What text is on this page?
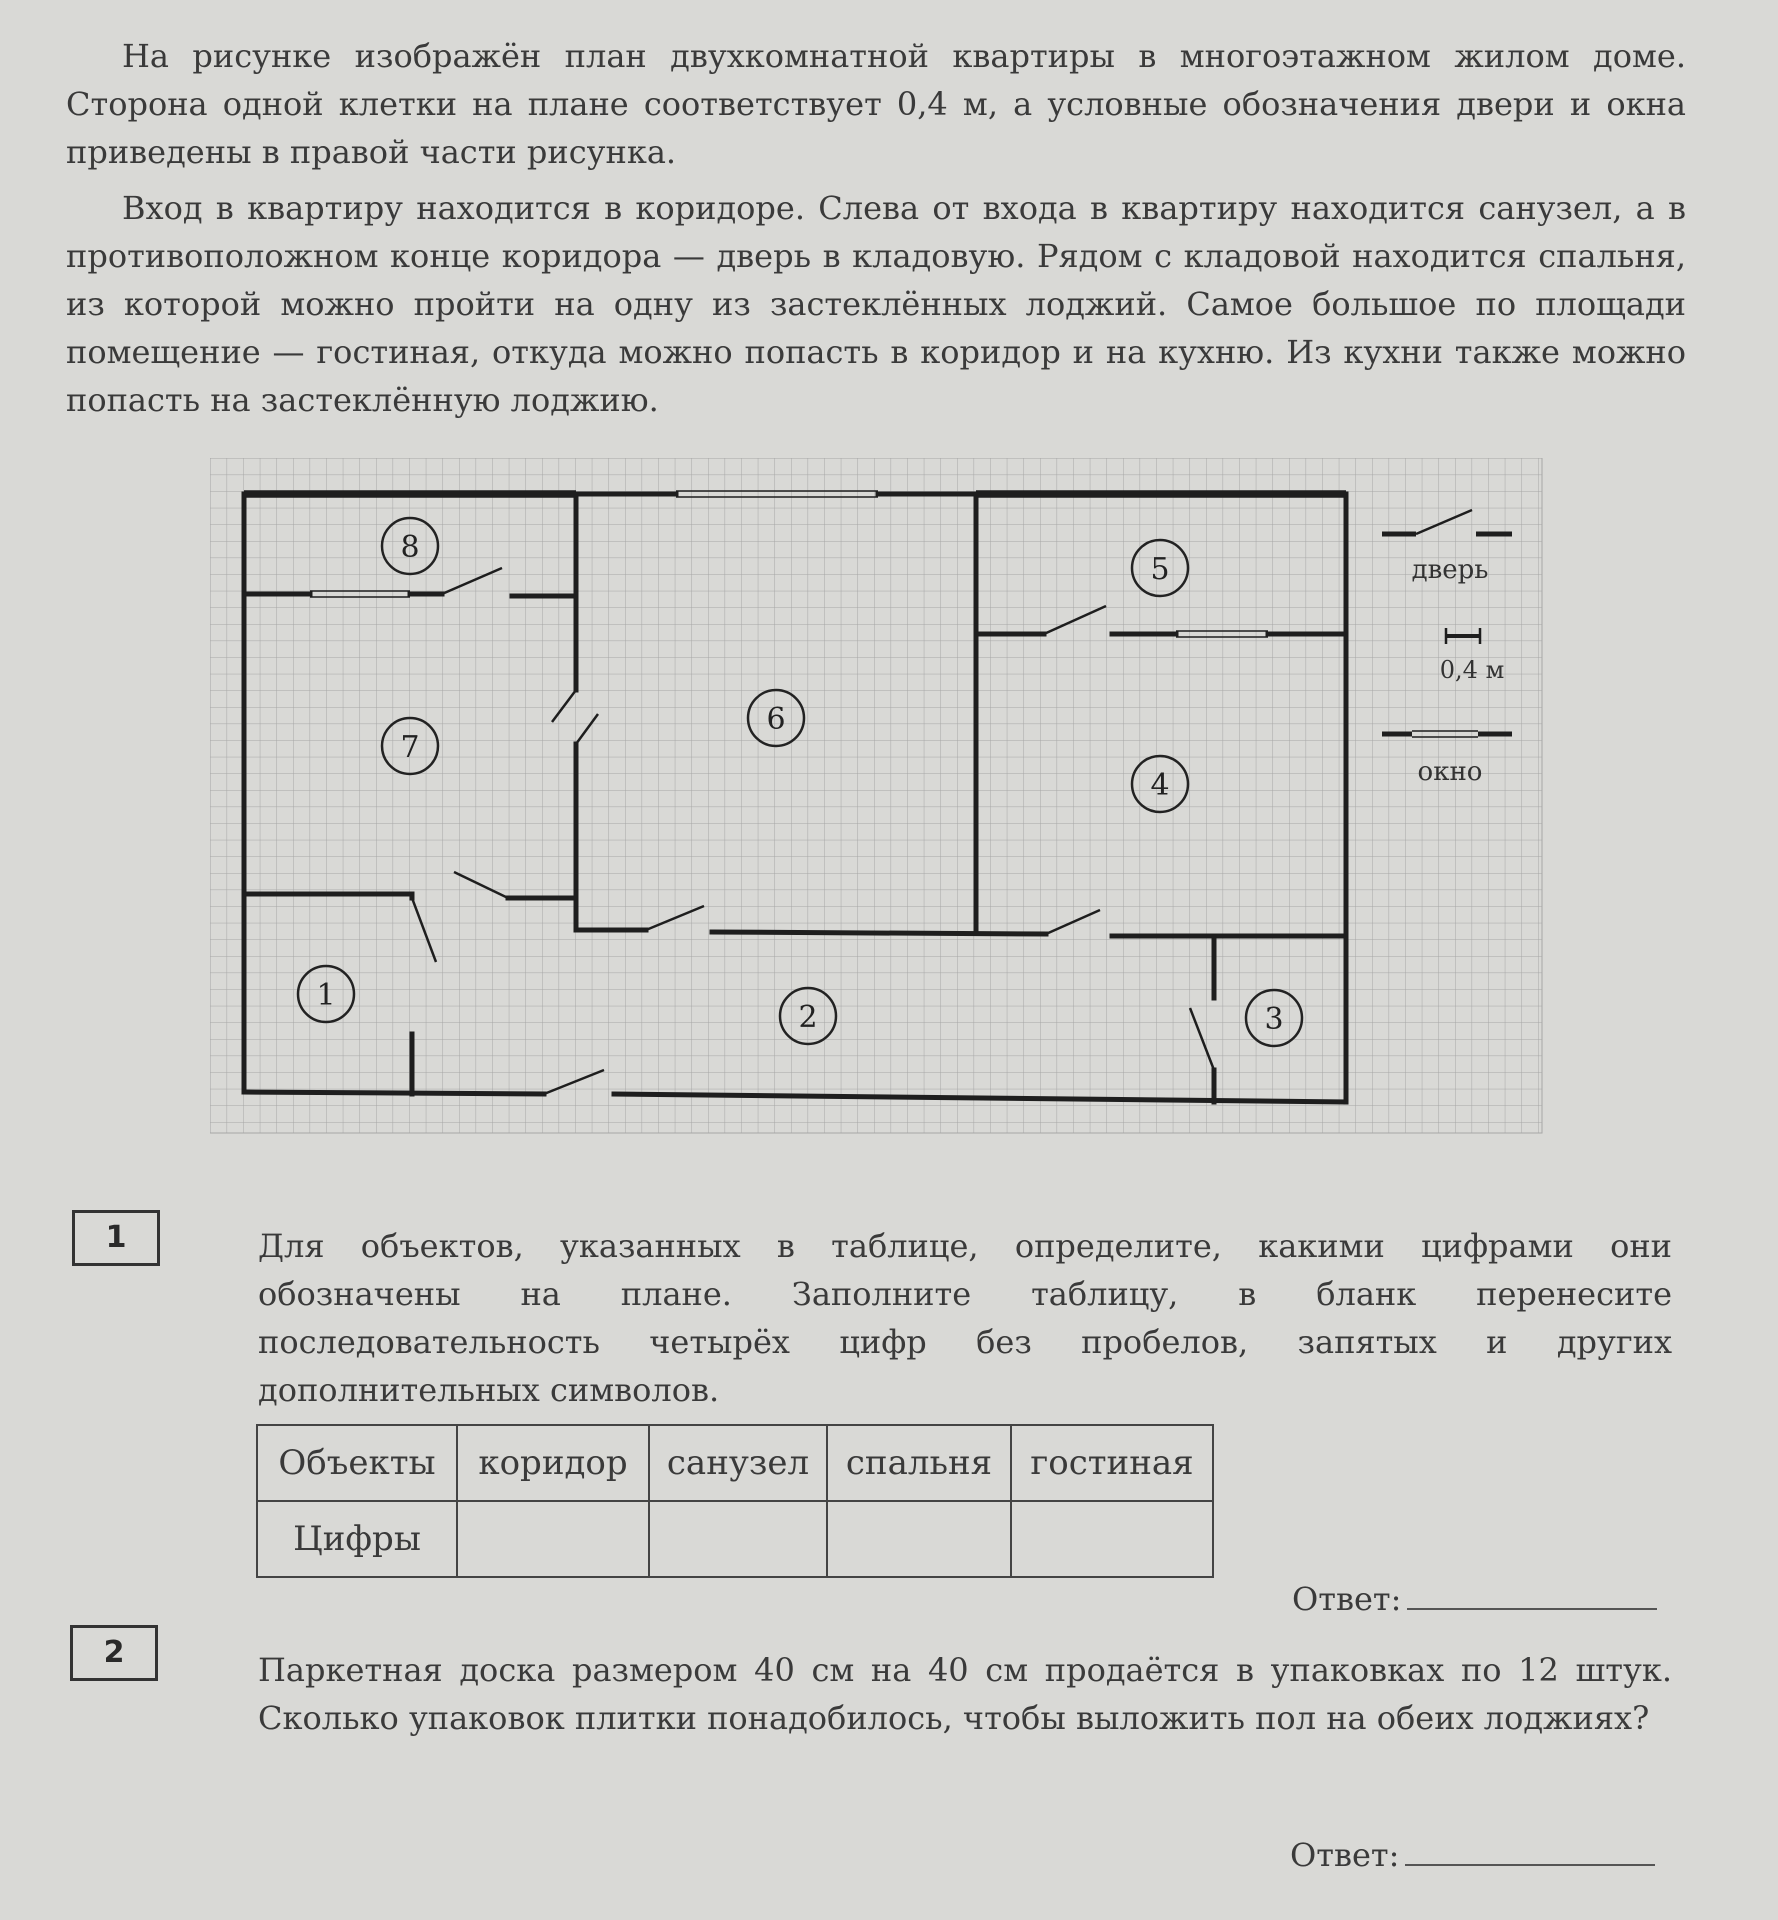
На рисунке изображён план двухкомнатной квартиры в многоэтажном жилом доме. Сторона одной клетки на плане соответствует 0,4 м, а условные обозначения двери и окна приведены в правой части рисунка.

Вход в квартиру находится в коридоре. Слева от входа в квартиру находится санузел, а в противоположном конце коридора — дверь в кладовую. Рядом с кладовой находится спальня, из которой можно пройти на одну из застеклённых лоджий. Самое большое по площади помещение — гостиная, откуда можно попасть в коридор и на кухню. Из кухни также можно попасть на застеклённую лоджию.

8
7
6
5
4
1
2	3
дверь
0,4 м
окно
1	Для объектов, указанных в таблице, определите, какими цифрами они обозначены на плане. Заполните таблицу, в бланк перенесите последовательность четырёх цифр без пробелов, запятых и других дополнительных символов.

Объекты	коридор	санузел	спальня	гостиная
Цифры				
Ответ:
2	Паркетная доска размером 40 см на 40 см продаётся в упаковках по 12 штук. Сколько упаковок плитки понадобилось, чтобы выложить пол на обеих лоджиях?

Ответ:
